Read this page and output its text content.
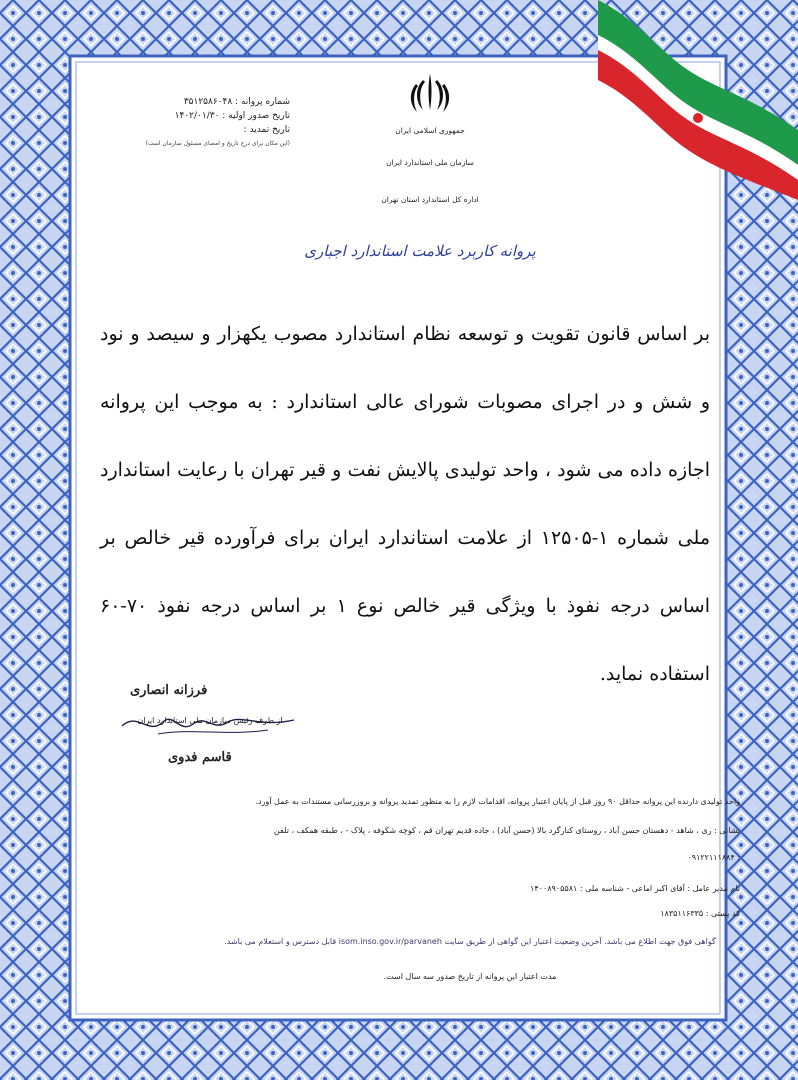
شماره پروانه : ۳۵۱۲۵۸۶۰۴۸
تاریخ صدور اولیه : ۱۴۰۲/۰۱/۳۰
تاریخ تمدید :
(این مکان برای درج تاریخ و امضای مسئول سازمان است)
جمهوری اسلامی ایران
سازمان ملی استاندارد ایران
اداره کل استاندارد استان تهران
پروانه کاربرد علامت استاندارد اجباری
بر اساس قانون تقویت و توسعه نظام استاندارد مصوب یکهزار و سیصد و نود و شش و در اجرای مصوبات شورای عالی استاندارد : به موجب این پروانه اجازه داده می شود ، واحد تولیدی پالایش نفت و قیر تهران با رعایت استاندارد ملی شماره ۱-۱۲۵۰۵ از علامت استاندارد ایران برای فرآورده قیر خالص بر اساس درجه نفوذ با ویژگی قیر خالص نوع ۱ بر اساس درجه نفوذ ۷۰-۶۰ استفاده نماید.
فرزانه انصاری
از طرف رئیس سازمان ملی استاندارد ایران
قاسم فدوی
واحد تولیدی دارنده این پروانه حداقل ۹۰ روز قبل از پایان اعتبار پروانه، اقدامات لازم را به منظور تمدید پروانه و بروزرسانی مستندات به عمل آورد.
نشانی : ری ، شاهد - دهستان حسن آباد ، روستای کنارگرد بالا (حسن آباد) ، جاده قدیم تهران قم ، کوچه شکوفه ، پلاک - ، طبقه همکف ، تلفن
۰۹۱۲۲۱۱۱۸۸۴ :
نام مدیر عامل : آقای اکبر اماعی - شناسه ملی : ۱۴۰۰۸۹۰۵۵۸۱
کد پستی : ۱۸۳۵۱۱۶۳۳۵
گواهی فوق جهت اطلاع می باشد. آخرین وضعیت اعتبار این گواهی از طریق سایت isom.inso.gov.ir/parvaneh قابل دسترس و استعلام می باشد.
مدت اعتبار این پروانه از تاریخ صدور سه سال است.
